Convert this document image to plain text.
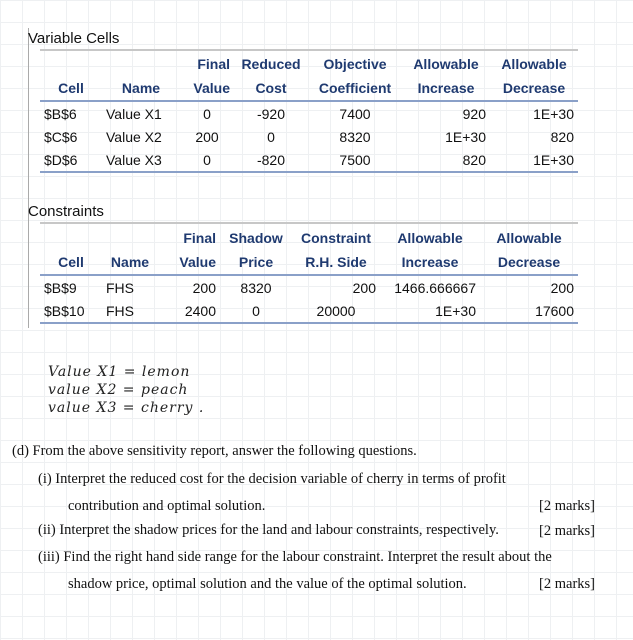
Variable Cells
		Final	Reduced	Objective	Allowable	Allowable
Cell	Name	Value	Cost	Coefficient	Increase	Decrease
$B$6	Value X1	0	-920	7400	920	1E+30
$C$6	Value X2	200	0	8320	1E+30	820
$D$6	Value X3	0	-820	7500	820	1E+30
Constraints
		Final	Shadow	Constraint	Allowable	Allowable
Cell	Name	Value	Price	R.H. Side	Increase	Decrease
$B$9	FHS	200	8320	200	1466.666667	200
$B$10	FHS	2400	0	20000	1E+30	17600
Value X1 = lemon
value X2 = peach
value X3 = cherry .
(d) From the above sensitivity report, answer the following questions.
(i) Interpret the reduced cost for the decision variable of cherry in terms of profit
contribution and optimal solution.	[2 marks]
(ii) Interpret the shadow prices for the land and labour constraints, respectively.	[2 marks]
(iii) Find the right hand side range for the labour constraint. Interpret the result about the
shadow price, optimal solution and the value of the optimal solution.	[2 marks]
